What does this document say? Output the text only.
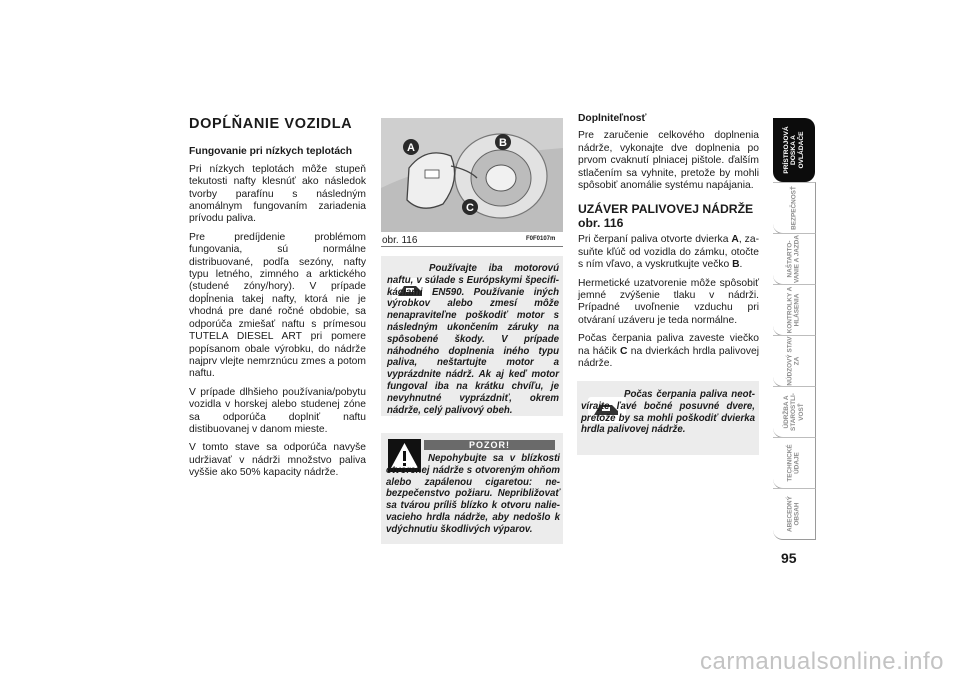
DOPĹŇANIE VOZIDLA
Fungovanie pri nízkych teplotách

Pri nízkych teplotách môže stupeň tekutosti nafty klesnúť ako následok tvorby parafínu s následným anomálnym fungovaním zariadenia prívodu paliva.

Pre predíjdenie problémom fungovania, sú normálne distribuované, podľa sezóny, nafty typu letného, zimného a arktického (studené zóny/hory). V prípade dopĺnenia takej nafty, ktorá nie je vhodná pre dané ročné obdobie, sa odporúča zmiešať naftu s prímesou TUTELA DIESEL ART pri pomere popísanom obale výrobku, do nádrže najprv vlejte nemrznúcu zmes a potom naftu.

V prípade dlhšieho používania/pobytu vozidla v horskej alebo studenej zóne sa odporúča doplniť naftu distibuovanej v danom mieste.

V tomto stave sa odporúča navyše udržiavať v nádrži množstvo paliva vyššie ako 50% kapacity nádrže.

A	B
C
obr. 116	F0F0107m
Používajte iba motorovú naftu, v súlade s Európskymi špecifikáciami EN590. Používanie iných výrobkov alebo zmesí môže nenapraviteľne poškodiť motor s následným ukončením záruky na spôsobené škody. V prípade náhodného doplnenia iného typu paliva, neštartujte motor a vyprázdnite nádrž. Ak aj keď motor fungoval iba na krátku chvíľu, je nevyhnutné vyprázdniť, okrem nádrže, celý palivový obeh.
POZOR!
Nepohybujte sa v blízkosti otvorenej nádrže s otvoreným ohňom alebo zapálenou cigaretou: nebezpečenstvo požiaru. Nepribližovať sa tvárou príliš blízko k otvoru nalievacieho hrdla nádrže, aby nedošlo k vdýchnutiu škodlivých výparov.
Doplniteľnosť

Pre zaručenie celkového doplnenia nádrže, vykonajte dve doplnenia po prvom cvaknutí plniacej pištole. ďalším stlačením sa vyhnite, pretože by mohli spôsobiť anomálie systému napájania.

UZÁVER PALIVOVEJ NÁDRŽE
obr. 116

Pri čerpaní paliva otvorte dvierka A, zasuňte kľúč od vozidla do zámku, otočte s ním vľavo, a vyskrutkujte večko B.

Hermetické uzatvorenie môže spôsobiť jemné zvýšenie tlaku v nádrži. Prípadné uvoľnenie vzduchu pri otváraní uzáveru je teda normálne.

Počas čerpania paliva zaveste viečko na háčik C na dvierkách hrdla palivovej nádrže.

Počas čerpania paliva neotvírajte ľavé bočné posuvné dvere, pretože by sa mohli poškodiť dvierka hrdla palivovej nádrže.
PRÍSTROJOVÁ DOSKA A OVLÁDAČE
BEZPEČNOSŤ
NAŠTARTO- VANIE A JAZDA
KONTROLKY A HLÁSENIA
NÚDZOVÝ STAV ZA
ÚDRŽBA A STAROSTLI- VOSŤ
TECHNICKÉ ÚDAJE
ABECEDNÝ OBSAH
95
carmanualsonline.info
